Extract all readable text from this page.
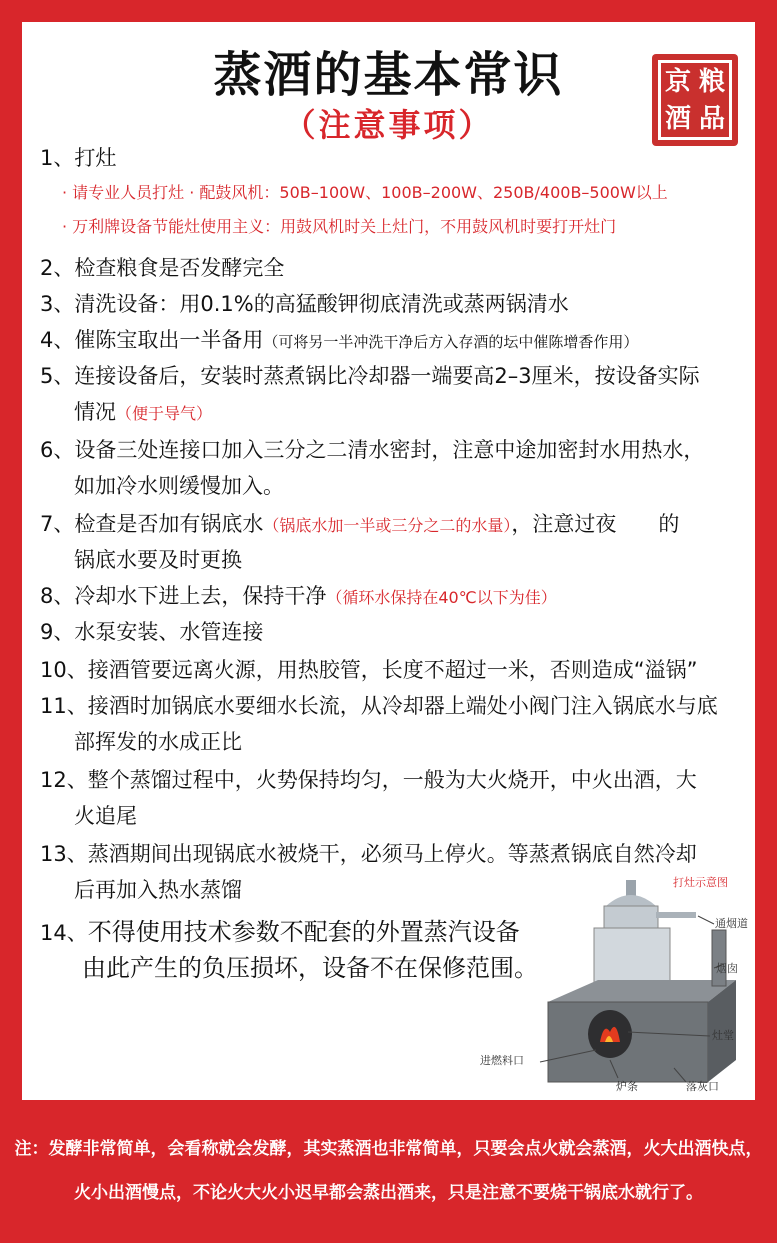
蒸酒的基本常识
（注意事项）
京 粮
酒 品
1、打灶
· 请专业人员打灶 · 配鼓风机：50B–100W、100B–200W、250B/400B–500W以上
· 万利牌设备节能灶使用主义：用鼓风机时关上灶门，不用鼓风机时要打开灶门
2、检查粮食是否发酵完全
3、清洗设备：用0.1%的高猛酸钾彻底清洗或蒸两锅清水
4、催陈宝取出一半备用（可将另一半冲洗干净后方入存酒的坛中催陈增香作用）
5、连接设备后，安装时蒸煮锅比冷却器一端要高2–3厘米，按设备实际
情况（便于导气）
6、设备三处连接口加入三分之二清水密封，注意中途加密封水用热水，
如加冷水则缓慢加入。
7、检查是否加有锅底水（锅底水加一半或三分之二的水量），注意过夜　　的
锅底水要及时更换
8、冷却水下进上去，保持干净（循环水保持在40℃以下为佳）
9、水泵安装、水管连接
10、接酒管要远离火源，用热胶管，长度不超过一米，否则造成“溢锅”
11、接酒时加锅底水要细水长流，从冷却器上端处小阀门注入锅底水与底
部挥发的水成正比
12、整个蒸馏过程中，火势保持均匀，一般为大火烧开，中火出酒，大
火追尾
13、蒸酒期间出现锅底水被烧干，必须马上停火。等蒸煮锅底自然冷却
后再加入热水蒸馏
14、不得使用技术参数不配套的外置蒸汽设备
由此产生的负压损坏，设备不在保修范围。
打灶示意图
通烟道
烟囱
灶堂
进燃料口
炉条	落灰口
注：发酵非常简单，会看称就会发酵，其实蒸酒也非常简单，只要会点火就会蒸酒，火大出酒快点，
火小出酒慢点，不论火大火小迟早都会蒸出酒来，只是注意不要烧干锅底水就行了。
